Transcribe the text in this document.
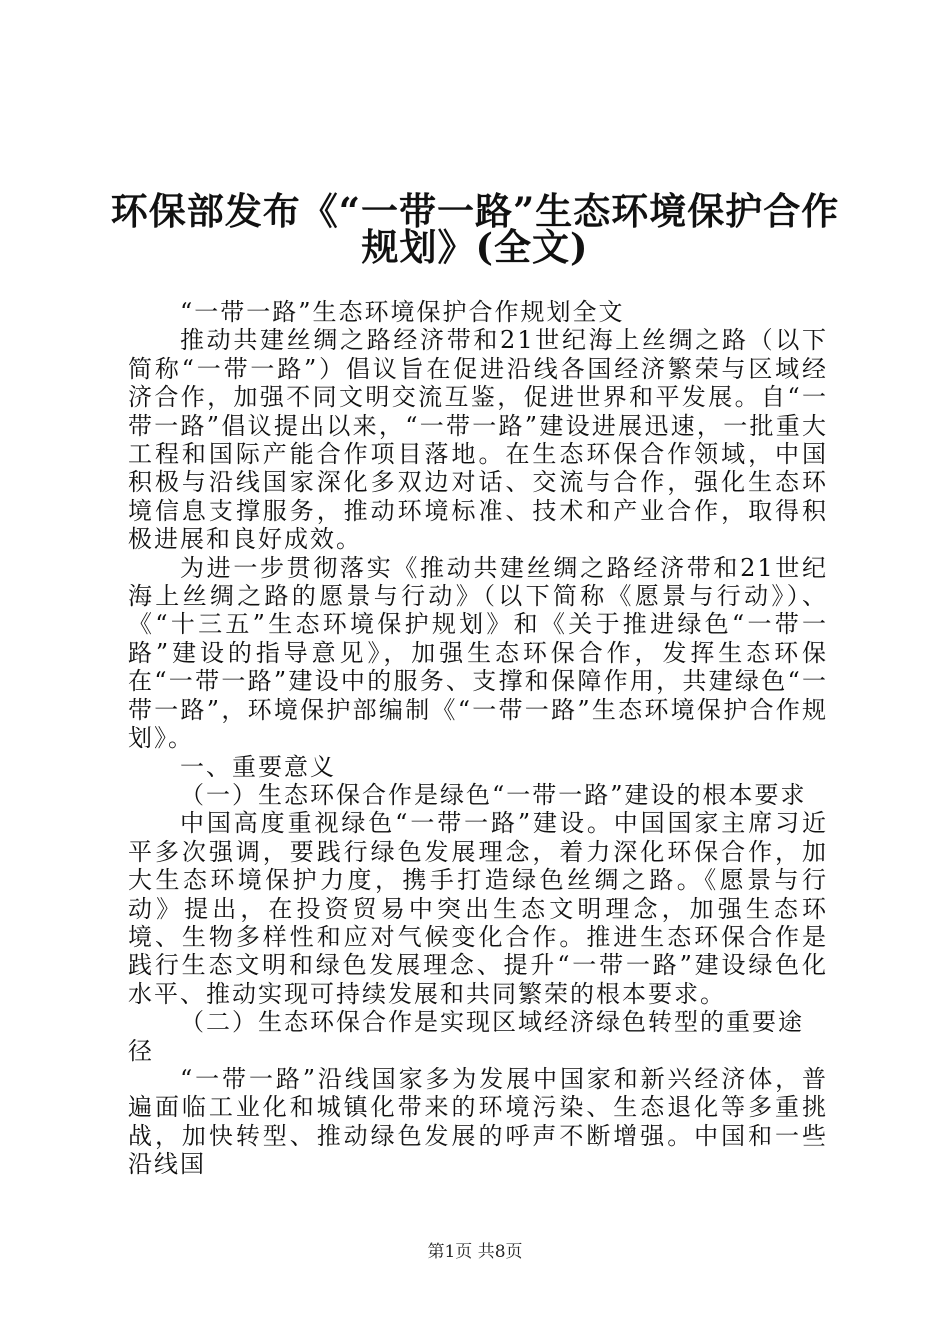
环保部发布《“一带一路”生态环境保护合作
规划》(全文)

“一带一路”生态环境保护合作规划全文

推动共建丝绸之路经济带和21世纪海上丝绸之路（以下简称“一带一路”）倡议旨在促进沿线各国经济繁荣与区域经济合作，加强不同文明交流互鉴，促进世界和平发展。自“一带一路”倡议提出以来，“一带一路”建设进展迅速，一批重大工程和国际产能合作项目落地。在生态环保合作领域，中国积极与沿线国家深化多双边对话、交流与合作，强化生态环境信息支撑服务，推动环境标准、技术和产业合作，取得积极进展和良好成效。

为进一步贯彻落实《推动共建丝绸之路经济带和21世纪海上丝绸之路的愿景与行动》（以下简称《愿景与行动》）、《“十三五”生态环境保护规划》和《关于推进绿色“一带一路”建设的指导意见》，加强生态环保合作，发挥生态环保在“一带一路”建设中的服务、支撑和保障作用，共建绿色“一带一路”，环境保护部编制《“一带一路”生态环境保护合作规划》。

一、重要意义

（一）生态环保合作是绿色“一带一路”建设的根本要求

中国高度重视绿色“一带一路”建设。中国国家主席习近平多次强调，要践行绿色发展理念，着力深化环保合作，加大生态环境保护力度，携手打造绿色丝绸之路。《愿景与行动》提出，在投资贸易中突出生态文明理念，加强生态环境、生物多样性和应对气候变化合作。推进生态环保合作是践行生态文明和绿色发展理念、提升“一带一路”建设绿色化水平、推动实现可持续发展和共同繁荣的根本要求。

（二）生态环保合作是实现区域经济绿色转型的重要途径

“一带一路”沿线国家多为发展中国家和新兴经济体，普遍面临工业化和城镇化带来的环境污染、生态退化等多重挑战，加快转型、推动绿色发展的呼声不断增强。中国和一些沿线国

第1页 共8页
